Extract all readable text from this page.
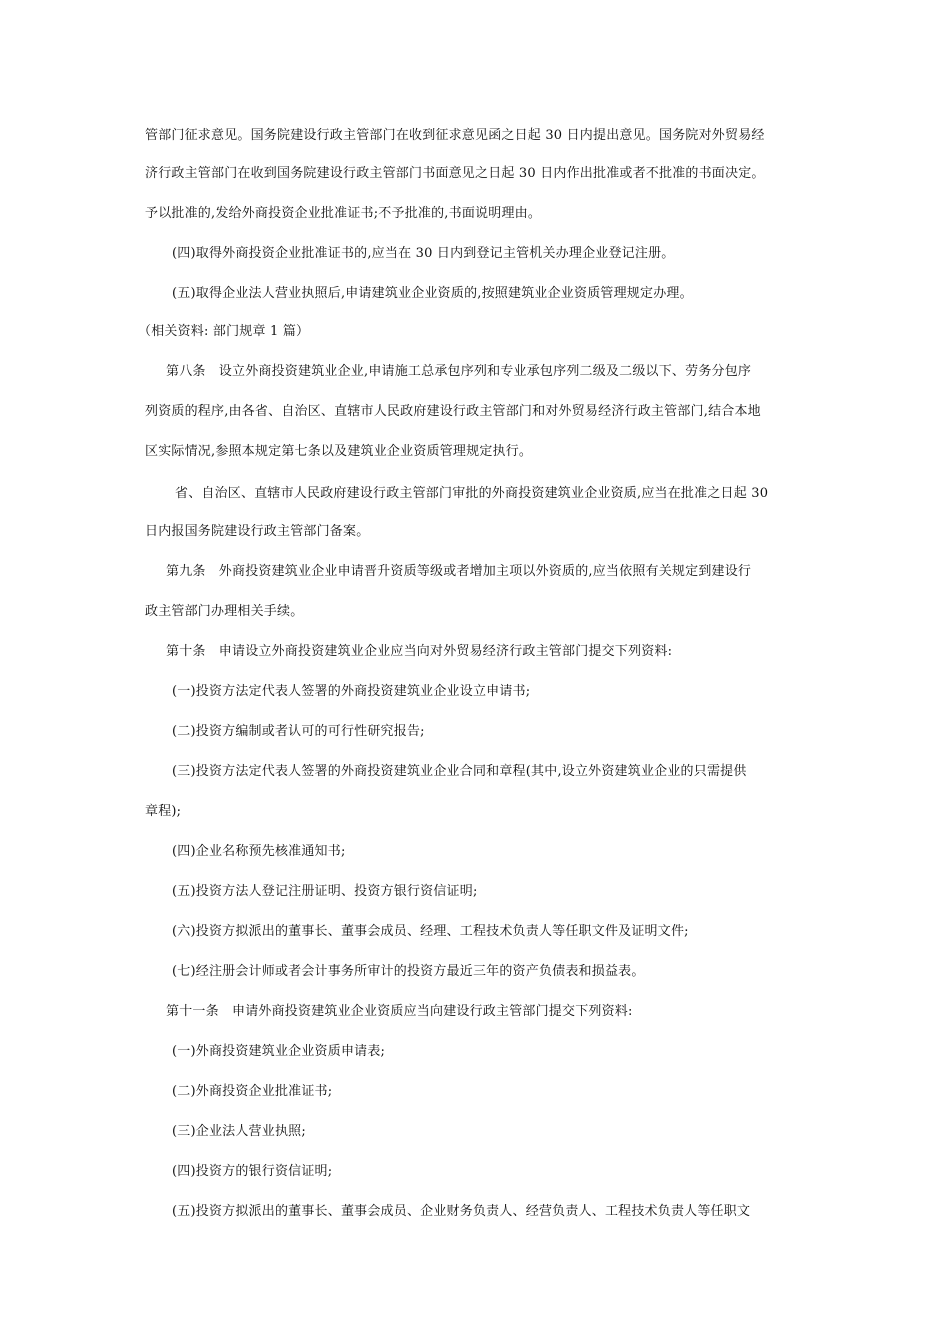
管部门征求意见。国务院建设行政主管部门在收到征求意见函之日起 30 日内提出意见。国务院对外贸易经
济行政主管部门在收到国务院建设行政主管部门书面意见之日起 30 日内作出批准或者不批准的书面决定。
予以批准的,发给外商投资企业批准证书;不予批准的,书面说明理由。
(四)取得外商投资企业批准证书的,应当在 30 日内到登记主管机关办理企业登记注册。
(五)取得企业法人营业执照后,申请建筑业企业资质的,按照建筑业企业资质管理规定办理。
（相关资料: 部门规章 1 篇）
第八条　设立外商投资建筑业企业,申请施工总承包序列和专业承包序列二级及二级以下、劳务分包序
列资质的程序,由各省、自治区、直辖市人民政府建设行政主管部门和对外贸易经济行政主管部门,结合本地
区实际情况,参照本规定第七条以及建筑业企业资质管理规定执行。
省、自治区、直辖市人民政府建设行政主管部门审批的外商投资建筑业企业资质,应当在批准之日起 30
日内报国务院建设行政主管部门备案。
第九条　外商投资建筑业企业申请晋升资质等级或者增加主项以外资质的,应当依照有关规定到建设行
政主管部门办理相关手续。
第十条　申请设立外商投资建筑业企业应当向对外贸易经济行政主管部门提交下列资料:
(一)投资方法定代表人签署的外商投资建筑业企业设立申请书;
(二)投资方编制或者认可的可行性研究报告;
(三)投资方法定代表人签署的外商投资建筑业企业合同和章程(其中,设立外资建筑业企业的只需提供
章程);
(四)企业名称预先核准通知书;
(五)投资方法人登记注册证明、投资方银行资信证明;
(六)投资方拟派出的董事长、董事会成员、经理、工程技术负责人等任职文件及证明文件;
(七)经注册会计师或者会计事务所审计的投资方最近三年的资产负债表和损益表。
第十一条　申请外商投资建筑业企业资质应当向建设行政主管部门提交下列资料:
(一)外商投资建筑业企业资质申请表;
(二)外商投资企业批准证书;
(三)企业法人营业执照;
(四)投资方的银行资信证明;
(五)投资方拟派出的董事长、董事会成员、企业财务负责人、经营负责人、工程技术负责人等任职文
